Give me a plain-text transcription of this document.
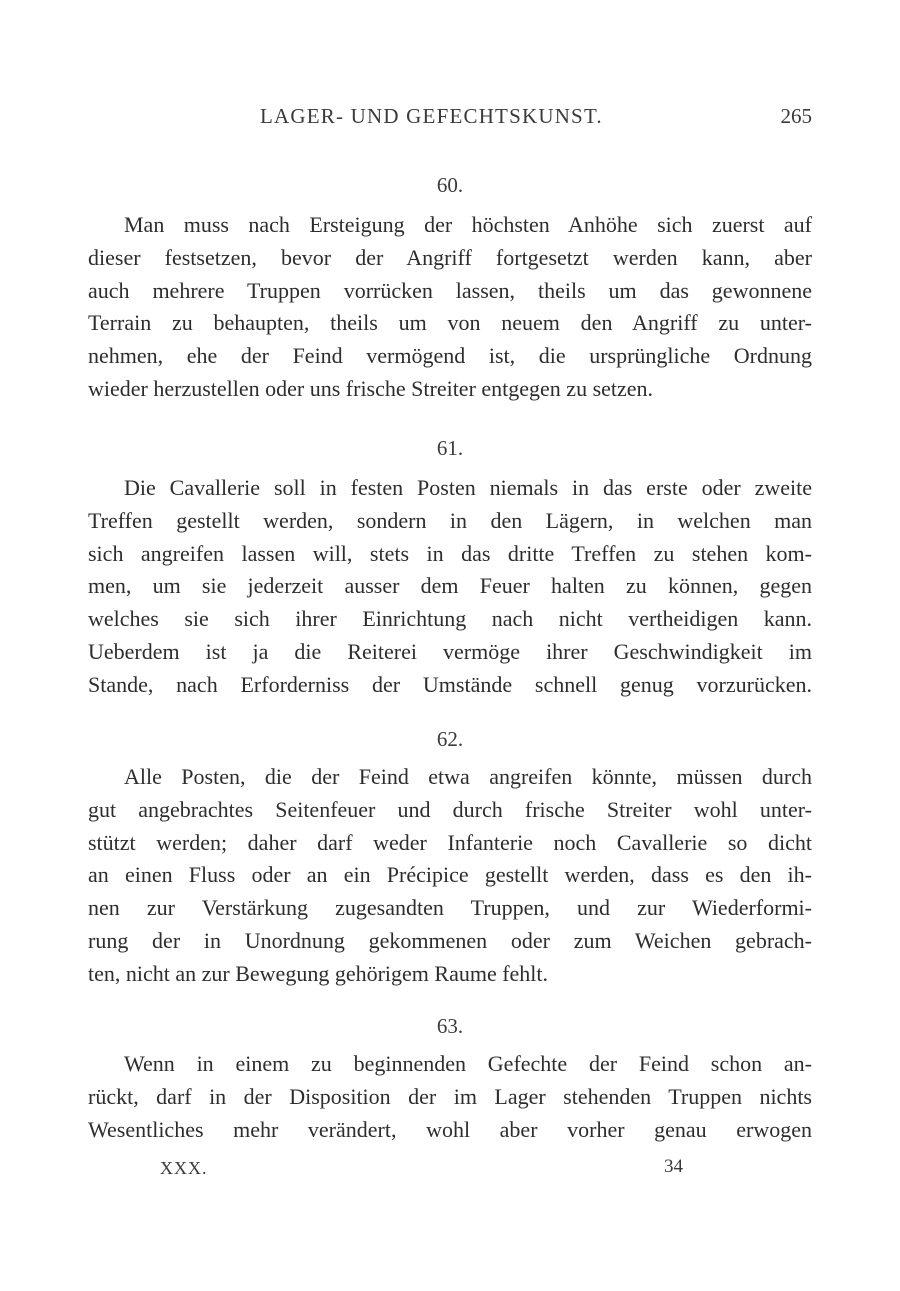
LAGER- UND GEFECHTSKUNST.	265
60.

Man muss nach Ersteigung der höchsten Anhöhe sich zuerst auf
dieser festsetzen, bevor der Angriff fortgesetzt werden kann, aber
auch mehrere Truppen vorrücken lassen, theils um das gewonnene
Terrain zu behaupten, theils um von neuem den Angriff zu unter-
nehmen, ehe der Feind vermögend ist, die ursprüngliche Ordnung
wieder herzustellen oder uns frische Streiter entgegen zu setzen.

61.

Die Cavallerie soll in festen Posten niemals in das erste oder zweite
Treffen gestellt werden, sondern in den Lägern, in welchen man
sich angreifen lassen will, stets in das dritte Treffen zu stehen kom-
men, um sie jederzeit ausser dem Feuer halten zu können, gegen
welches sie sich ihrer Einrichtung nach nicht vertheidigen kann.
Ueberdem ist ja die Reiterei vermöge ihrer Geschwindigkeit im
Stande, nach Erforderniss der Umstände schnell genug vorzurücken.

62.

Alle Posten, die der Feind etwa angreifen könnte, müssen durch
gut angebrachtes Seitenfeuer und durch frische Streiter wohl unter-
stützt werden; daher darf weder Infanterie noch Cavallerie so dicht
an einen Fluss oder an ein Précipice gestellt werden, dass es den ih-
nen zur Verstärkung zugesandten Truppen, und zur Wiederformi-
rung der in Unordnung gekommenen oder zum Weichen gebrach-
ten, nicht an zur Bewegung gehörigem Raume fehlt.

63.

Wenn in einem zu beginnenden Gefechte der Feind schon an-
rückt, darf in der Disposition der im Lager stehenden Truppen nichts
Wesentliches mehr verändert, wohl aber vorher genau erwogen

XXX.	34
